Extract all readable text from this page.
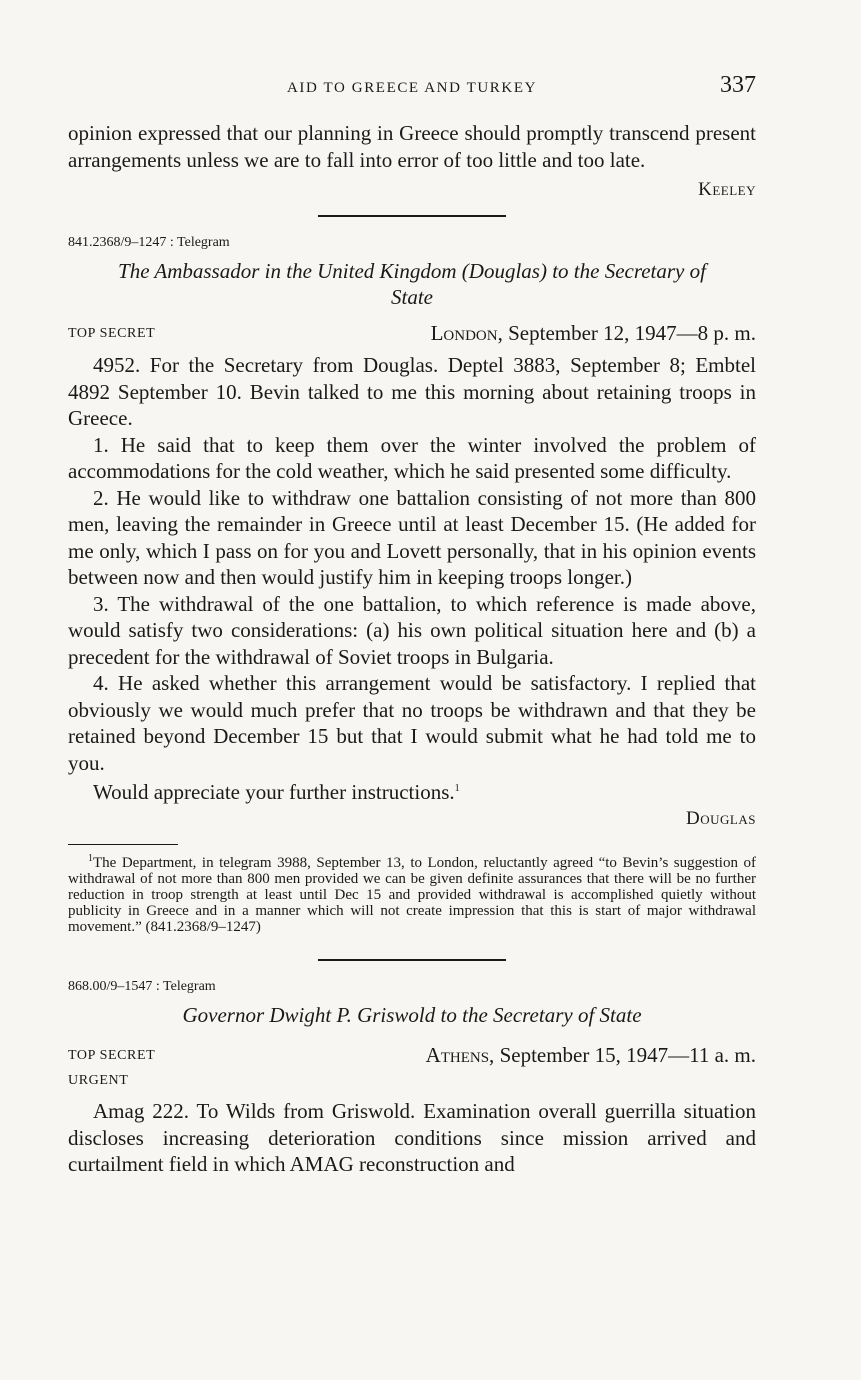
AID TO GREECE AND TURKEY	337

opinion expressed that our planning in Greece should promptly transcend present arrangements unless we are to fall into error of too little and too late.

Keeley
841.2368/9–1247 : Telegram
The Ambassador in the United Kingdom (Douglas) to the Secretary of State
TOP SECRET	London, September 12, 1947—8 p. m.

4952. For the Secretary from Douglas. Deptel 3883, September 8; Embtel 4892 September 10. Bevin talked to me this morning about retaining troops in Greece.

1. He said that to keep them over the winter involved the problem of accommodations for the cold weather, which he said presented some difficulty.

2. He would like to withdraw one battalion consisting of not more than 800 men, leaving the remainder in Greece until at least December 15. (He added for me only, which I pass on for you and Lovett personally, that in his opinion events between now and then would justify him in keeping troops longer.)

3. The withdrawal of the one battalion, to which reference is made above, would satisfy two considerations: (a) his own political situation here and (b) a precedent for the withdrawal of Soviet troops in Bulgaria.

4. He asked whether this arrangement would be satisfactory. I replied that obviously we would much prefer that no troops be withdrawn and that they be retained beyond December 15 but that I would submit what he had told me to you.

Would appreciate your further instructions.$^1$

Douglas
$^1$The Department, in telegram 3988, September 13, to London, reluctantly agreed “to Bevin’s suggestion of withdrawal of not more than 800 men provided we can be given definite assurances that there will be no further reduction in troop strength at least until Dec 15 and provided withdrawal is accomplished quietly without publicity in Greece and in a manner which will not create impression that this is start of major withdrawal movement.” (841.2368/9–1247)
868.00/9–1547 : Telegram
Governor Dwight P. Griswold to the Secretary of State
TOP SECRET	Athens, September 15, 1947—11 a. m.
URGENT

Amag 222. To Wilds from Griswold. Examination overall guerrilla situation discloses increasing deterioration conditions since mission arrived and curtailment field in which AMAG reconstruction and
